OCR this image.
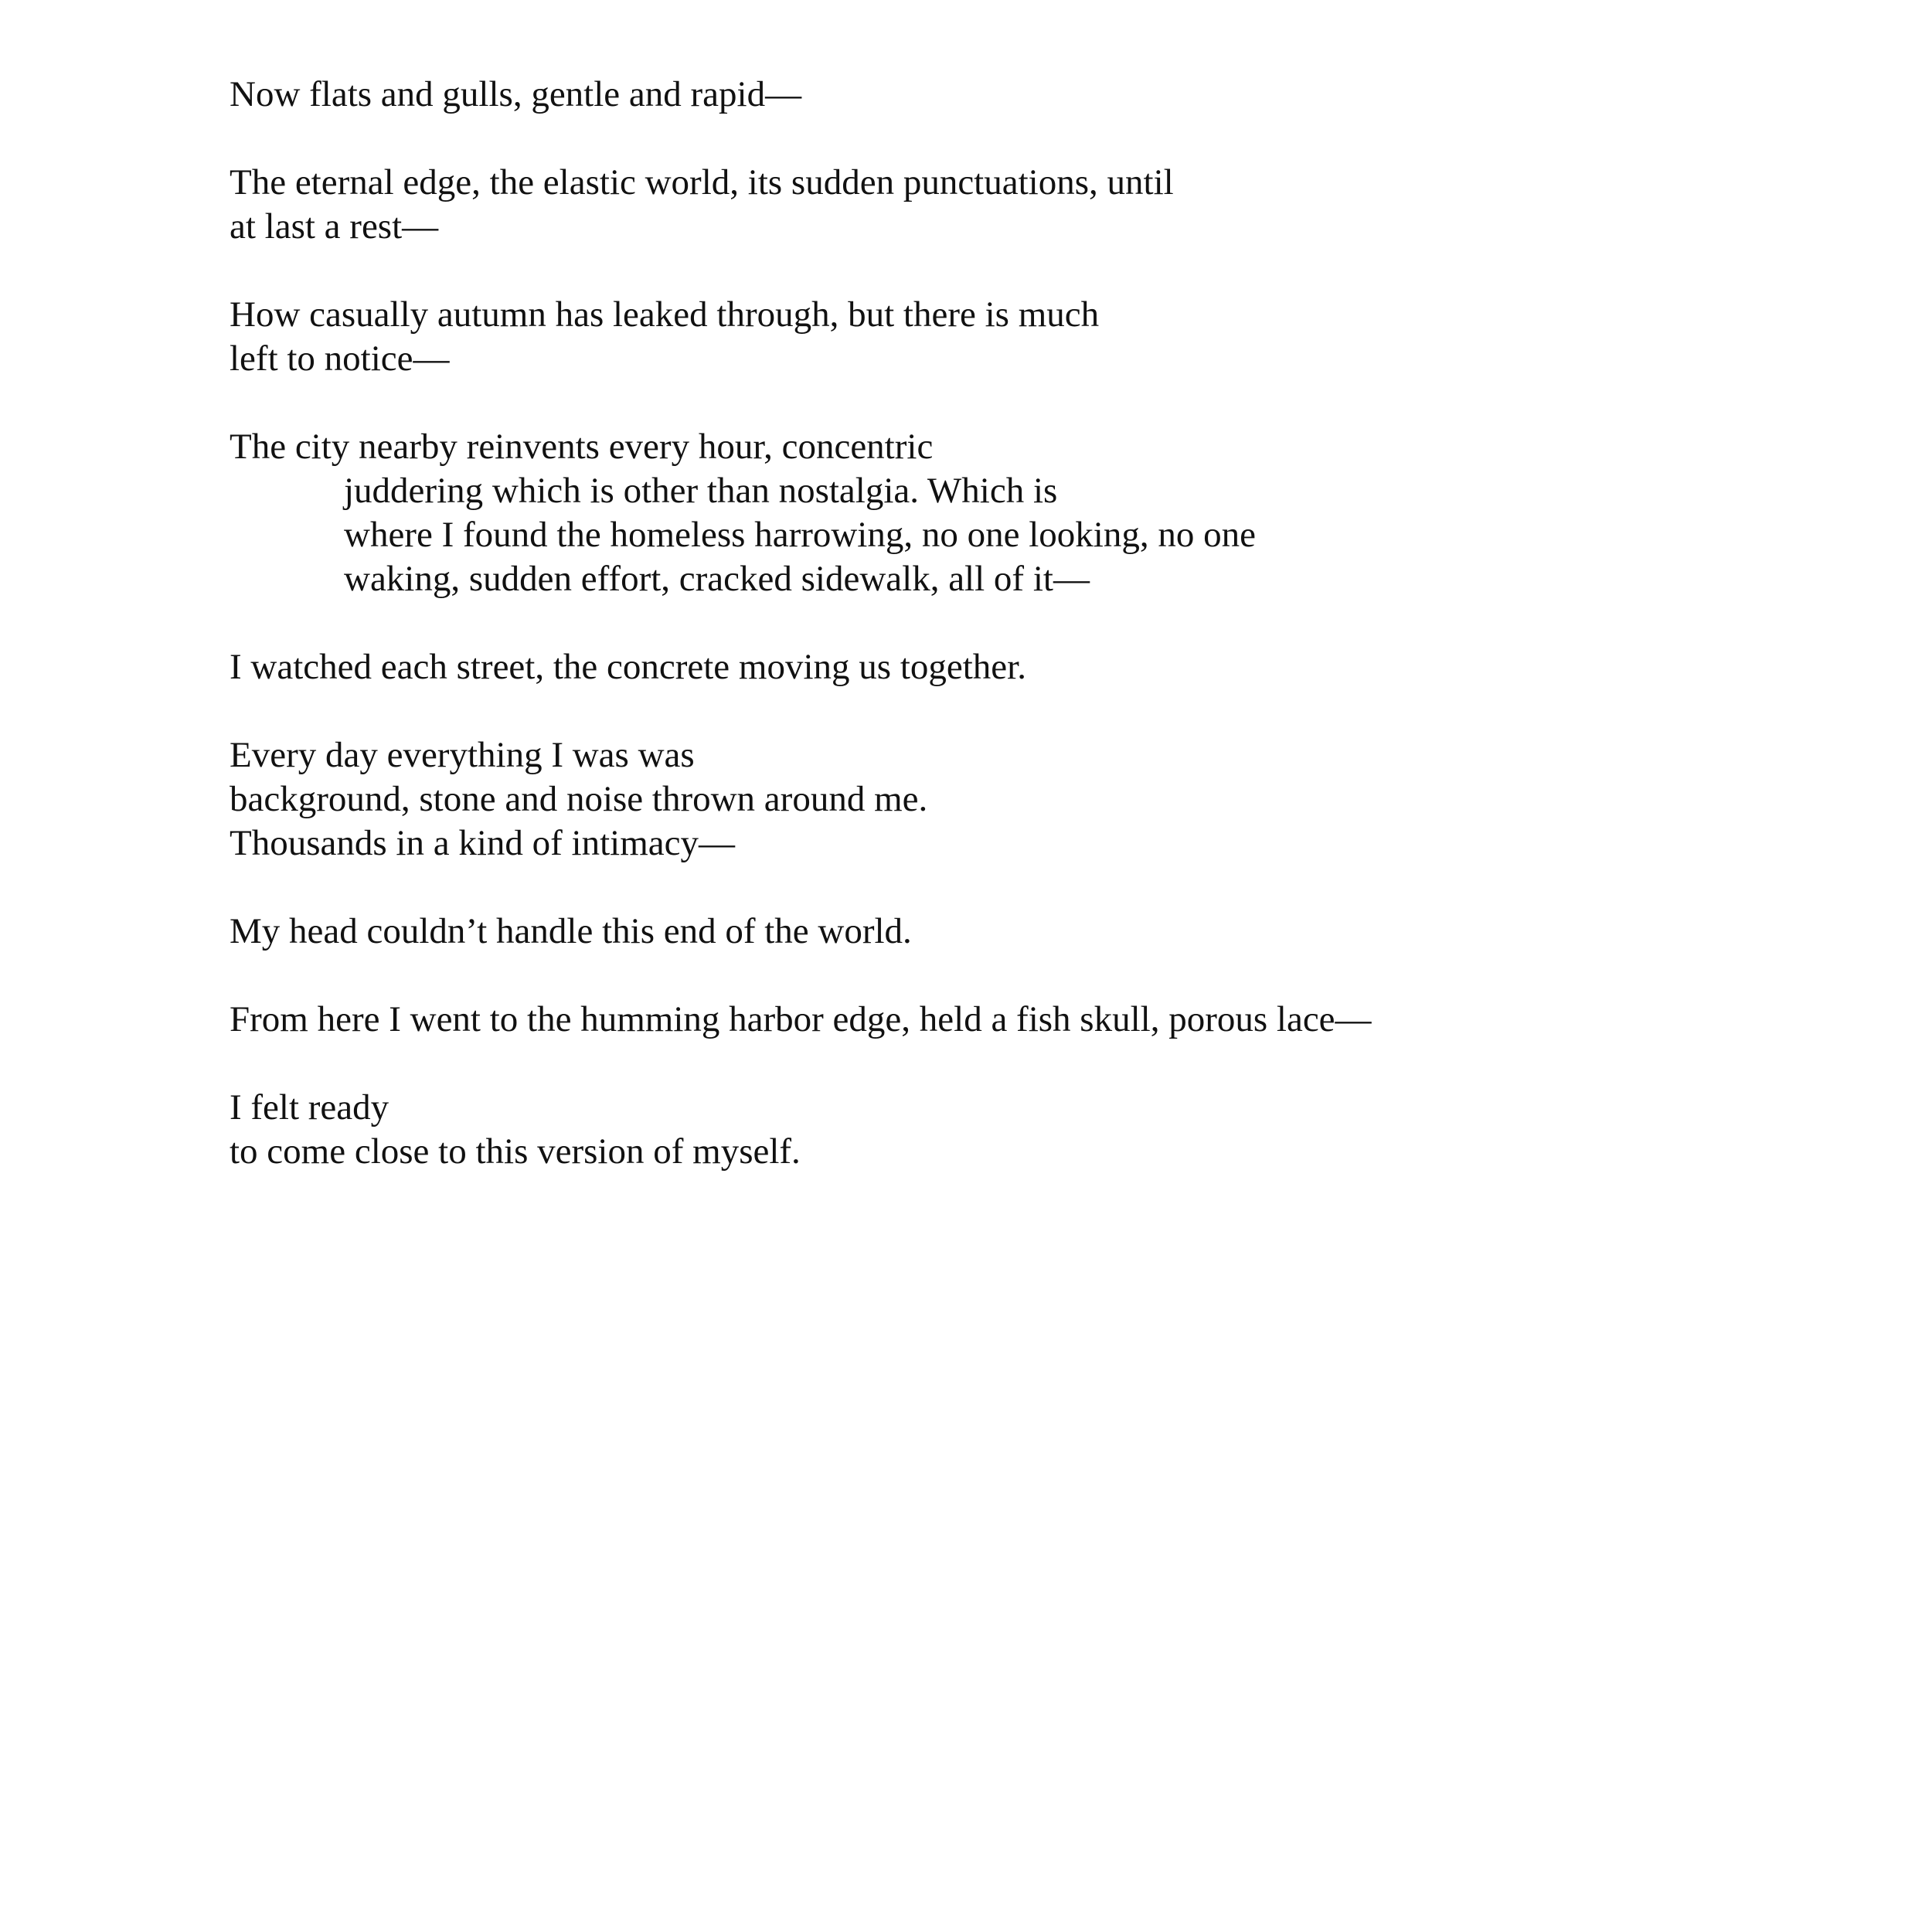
Now flats and gulls, gentle and rapid—
The eternal edge, the elastic world, its sudden punctuations, until
at last a rest—
How casually autumn has leaked through, but there is much
left to notice—
The city nearby reinvents every hour, concentric
juddering which is other than nostalgia. Which is
where I found the homeless harrowing, no one looking, no one
waking, sudden effort, cracked sidewalk, all of it—
I watched each street, the concrete moving us together.
Every day everything I was was
background, stone and noise thrown around me.
Thousands in a kind of intimacy—
My head couldn’t handle this end of the world.
From here I went to the humming harbor edge, held a fish skull, porous lace—
I felt ready
to come close to this version of myself.
